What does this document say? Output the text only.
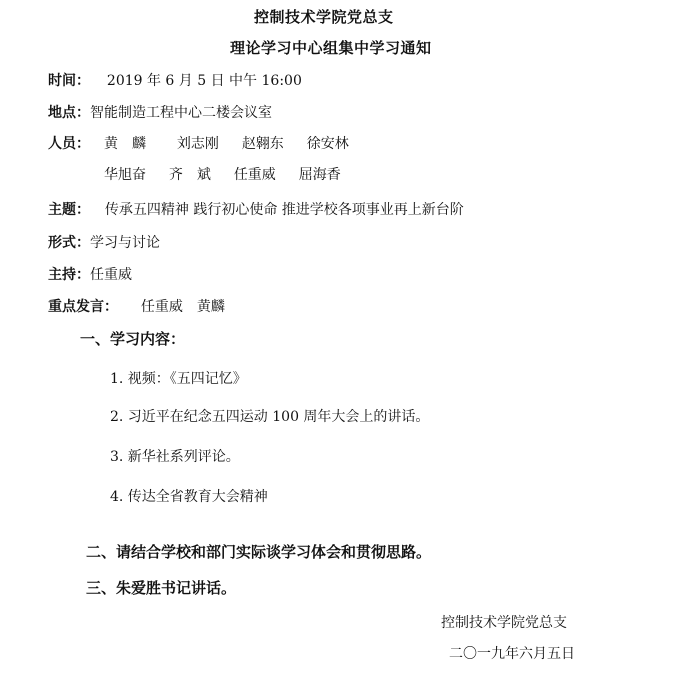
控制技术学院党总支
理论学习中心组集中学习通知
时间： 2019 年 6 月 5 日 中午 16:00
地点：智能制造工程中心二楼会议室
人员： 黄　麟 刘志刚 赵翱东 徐安林
华旭奋 齐　斌 任重威 屈海香
主题： 传承五四精神 践行初心使命 推进学校各项事业再上新台阶
形式：学习与讨论
主持：任重威
重点发言： 任重威　黄麟
一、学习内容：
1. 视频：《五四记忆》
2. 习近平在纪念五四运动 100 周年大会上的讲话。
3. 新华社系列评论。
4. 传达全省教育大会精神
二、请结合学校和部门实际谈学习体会和贯彻思路。
三、朱爱胜书记讲话。
控制技术学院党总支
二〇一九年六月五日
